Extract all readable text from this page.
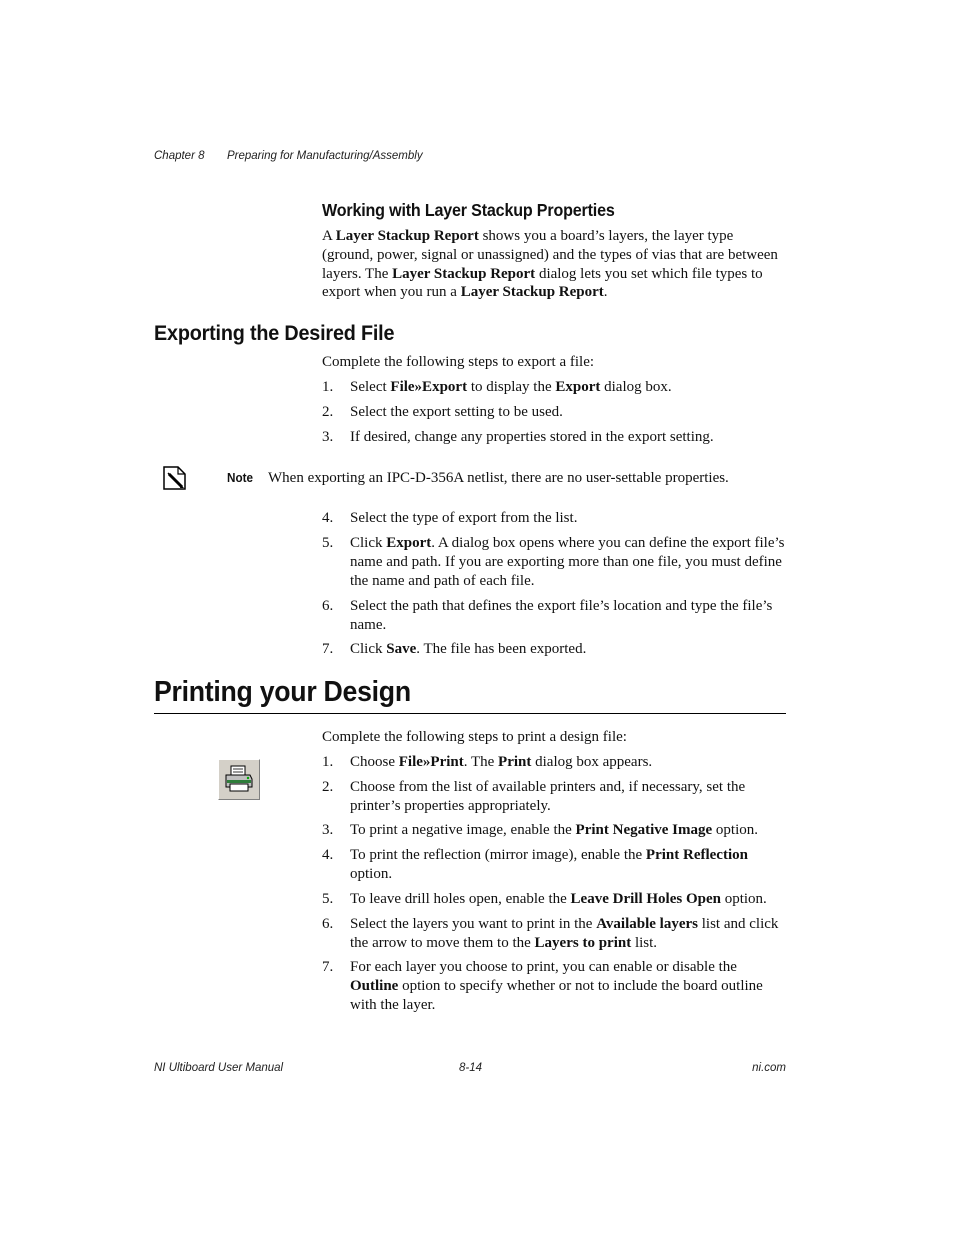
Chapter 8 Preparing for Manufacturing/Assembly
Working with Layer Stackup Properties
A Layer Stackup Report shows you a board’s layers, the layer type (ground, power, signal or unassigned) and the types of vias that are between layers. The Layer Stackup Report dialog lets you set which file types to export when you run a Layer Stackup Report.
Exporting the Desired File
Complete the following steps to export a file:
1. Select File»Export to display the Export dialog box.
2. Select the export setting to be used.
3. If desired, change any properties stored in the export setting.
Note When exporting an IPC-D-356A netlist, there are no user-settable properties.
4. Select the type of export from the list.
5. Click Export. A dialog box opens where you can define the export file’s name and path. If you are exporting more than one file, you must define the name and path of each file.
6. Select the path that defines the export file’s location and type the file’s name.
7. Click Save. The file has been exported.
Printing your Design
Complete the following steps to print a design file:
1. Choose File»Print. The Print dialog box appears.
2. Choose from the list of available printers and, if necessary, set the printer’s properties appropriately.
3. To print a negative image, enable the Print Negative Image option.
4. To print the reflection (mirror image), enable the Print Reflection option.
5. To leave drill holes open, enable the Leave Drill Holes Open option.
6. Select the layers you want to print in the Available layers list and click the arrow to move them to the Layers to print list.
7. For each layer you choose to print, you can enable or disable the Outline option to specify whether or not to include the board outline with the layer.
NI Ultiboard User Manual	8-14	ni.com
